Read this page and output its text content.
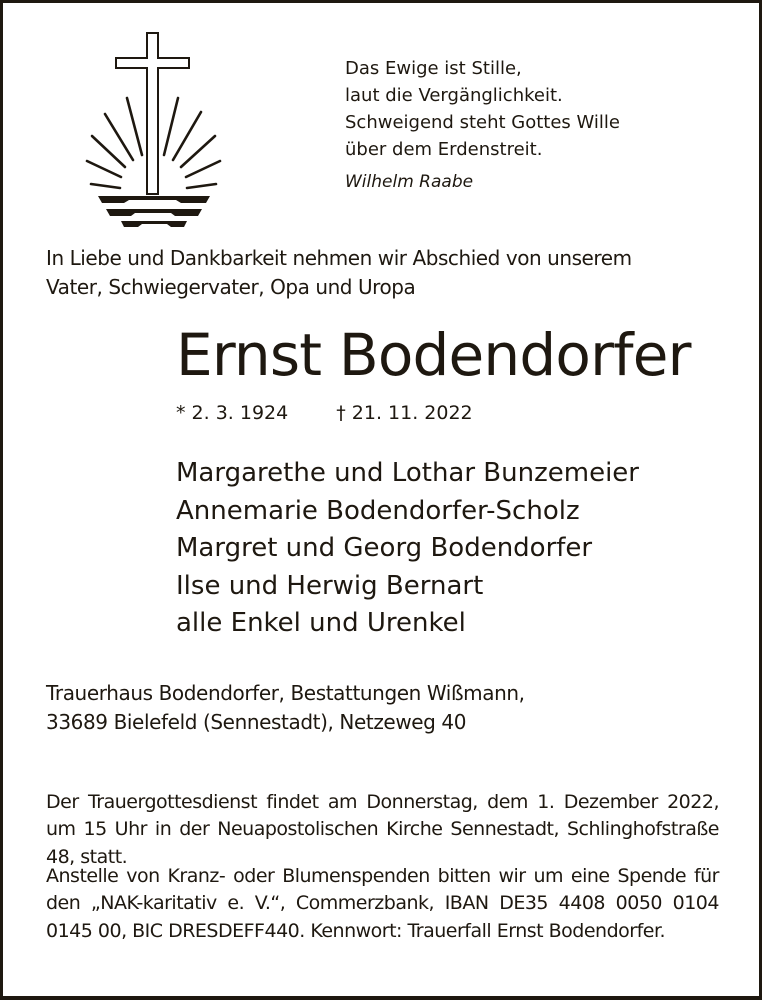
Das Ewige ist Stille,
laut die Vergänglichkeit.
Schweigend steht Gottes Wille
über dem Erdenstreit.
Wilhelm Raabe
In Liebe und Dankbarkeit nehmen wir Abschied von unserem
Vater, Schwiegervater, Opa und Uropa
Ernst Bodendorfer
* 2. 3. 1924	† 21. 11. 2022
Margarethe und Lothar Bunzemeier
Annemarie Bodendorfer-Scholz
Margret und Georg Bodendorfer
Ilse und Herwig Bernart
alle Enkel und Urenkel
Trauerhaus Bodendorfer, Bestattungen Wißmann,
33689 Bielefeld (Sennestadt), Netzeweg 40

Der Trauergottesdienst findet am Donnerstag, dem 1. Dezember 2022, um 15 Uhr in der Neuapostolischen Kirche Sennestadt, Schlinghofstraße 48, statt.

Anstelle von Kranz- oder Blumenspenden bitten wir um eine Spende für den „NAK-karitativ e. V.“, Commerzbank, IBAN DE35 4408 0050 0104 0145 00, BIC DRESDEFF440. Kennwort: Trauerfall Ernst Bodendorfer.
